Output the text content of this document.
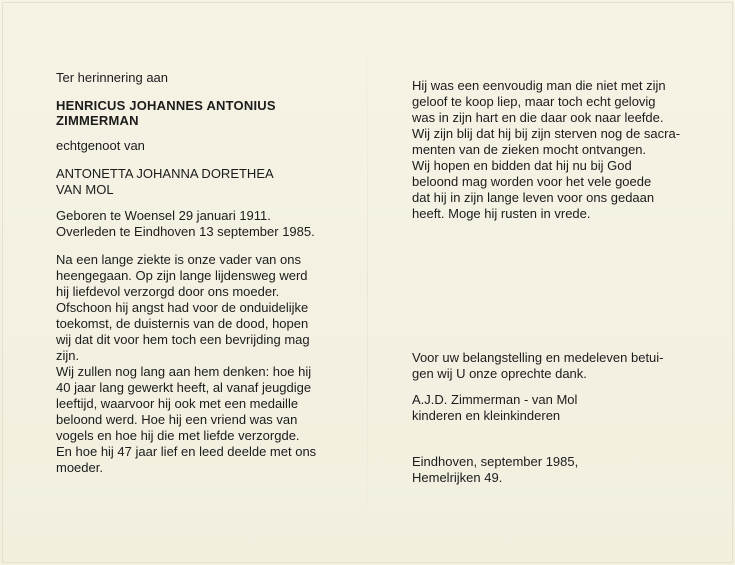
Ter herinnering aan

HENRICUS JOHANNES ANTONIUS

ZIMMERMAN

echtgenoot van

ANTONETTA JOHANNA DORETHEA

VAN MOL

Geboren te Woensel 29 januari 1911.

Overleden te Eindhoven 13 september 1985.

Na een lange ziekte is onze vader van ons
heengegaan. Op zijn lange lijdensweg werd
hij liefdevol verzorgd door ons moeder.
Ofschoon hij angst had voor de onduidelijke
toekomst, de duisternis van de dood, hopen
wij dat dit voor hem toch een bevrijding mag
zijn.
Wij zullen nog lang aan hem denken: hoe hij
40 jaar lang gewerkt heeft, al vanaf jeugdige
leeftijd, waarvoor hij ook met een medaille
beloond werd. Hoe hij een vriend was van
vogels en hoe hij die met liefde verzorgde.
En hoe hij 47 jaar lief en leed deelde met ons
moeder.
Hij was een eenvoudig man die niet met zijn
geloof te koop liep, maar toch echt gelovig
was in zijn hart en die daar ook naar leefde.
Wij zijn blij dat hij bij zijn sterven nog de sacra-
menten van de zieken mocht ontvangen.
Wij hopen en bidden dat hij nu bij God
beloond mag worden voor het vele goede
dat hij in zijn lange leven voor ons gedaan
heeft. Moge hij rusten in vrede.
Voor uw belangstelling en medeleven betui-
gen wij U onze oprechte dank.

A.J.D. Zimmerman - van Mol

kinderen en kleinkinderen

Eindhoven, september 1985,

Hemelrijken 49.
